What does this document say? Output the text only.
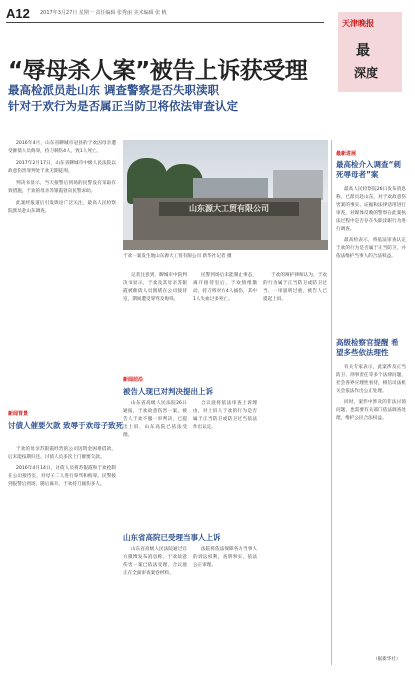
A12 2017年3月27日 星期一 责任编辑 张秀丽 美术编辑 张 帆
天津晚报
最
深度
“辱母杀人案”被告上诉获受理
最高检派员赴山东 调查警察是否失职渎职
针对于欢行为是否属正当防卫将依法审查认定

2016年4月，山东省聊城市冠县的于欢因母亲遭受催债人员侮辱，持刀刺伤4人，致1人死亡。

2017年2月17日，山东省聊城市中级人民法院以故意伤害罪判处于欢无期徒刑。

判决书显示，当天接警后到场的民警没有采取有效措施，于欢的母亲苏银霞曾向民警求助。

此案经报道后引发舆论广泛关注，最高人民检察院派员赴山东调查。	山东源大工贸有限公司
于欢一案发生地山东源大工贸有限公司 新华社记者 摄

记者注意到，聊城市中院判决书显示，于欢及其母亲苏银霞被催债人员围堵在公司接待室，期间遭受辱骂及侮辱。

民警到场后未能制止事态，离开接待室后，于欢情绪激动，持刀将对方4人捅伤，其中1人失血过多死亡。

于欢的辩护律师认为，于欢的行为属于正当防卫或防卫过当，一审量刑过重。被告人已提起上诉。

新闻前沿
被告人现已对判决提出上诉

山东省高级人民法院26日通报，于欢故意伤害一案，被告人于欢不服一审判决，已提出上诉，山东高院已依法受理。

合议庭将依法审查上诉理由，对上诉人于欢的行为是否属于正当防卫或防卫过当依法作出认定。

山东省高院已受理当事人上诉

山东省高级人民法院通过官方微博发布消息称，于欢故意伤害一案已依法受理，合议庭正在全面审查案卷材料。

法院将依法保障各方当事人的诉讼权利，查明事实，依法公正审理。

新闻背景
讨债人催要欠款 致辱于欢母子致死

于欢的母亲苏银霞经营的公司因资金困难借款，后未能按期归还。讨债人员多次上门催要欠款。

2016年4月14日，讨债人员将苏银霞和于欢控制在公司接待室，对母子二人进行辱骂和侮辱。民警接到报警后到场，随后离开。于欢持刀捅伤多人。

最新进展
最高检介入调查“刺死辱母者”案

最高人民检察院26日发布消息称，已派员赴山东，对于欢故意伤害案的事实、证据和法律适用进行审查，对媒体反映的警察在此案执法过程中是否存在失职渎职行为进行调查。

最高检表示，将依法审查认定于欢的行为是否属于正当防卫，并依法维护当事人的合法权益。

高级检察官提醒 希望多些依法理性

有关专家表示，此案涉及正当防卫、刑事责任等多个法律问题，社会各界应理性看待，相信司法机关会依法作出公正处理。

同时，案件中涉及的非法讨债问题，也需要有关部门依法调查处理，维护公民合法权益。

（据新华社）
